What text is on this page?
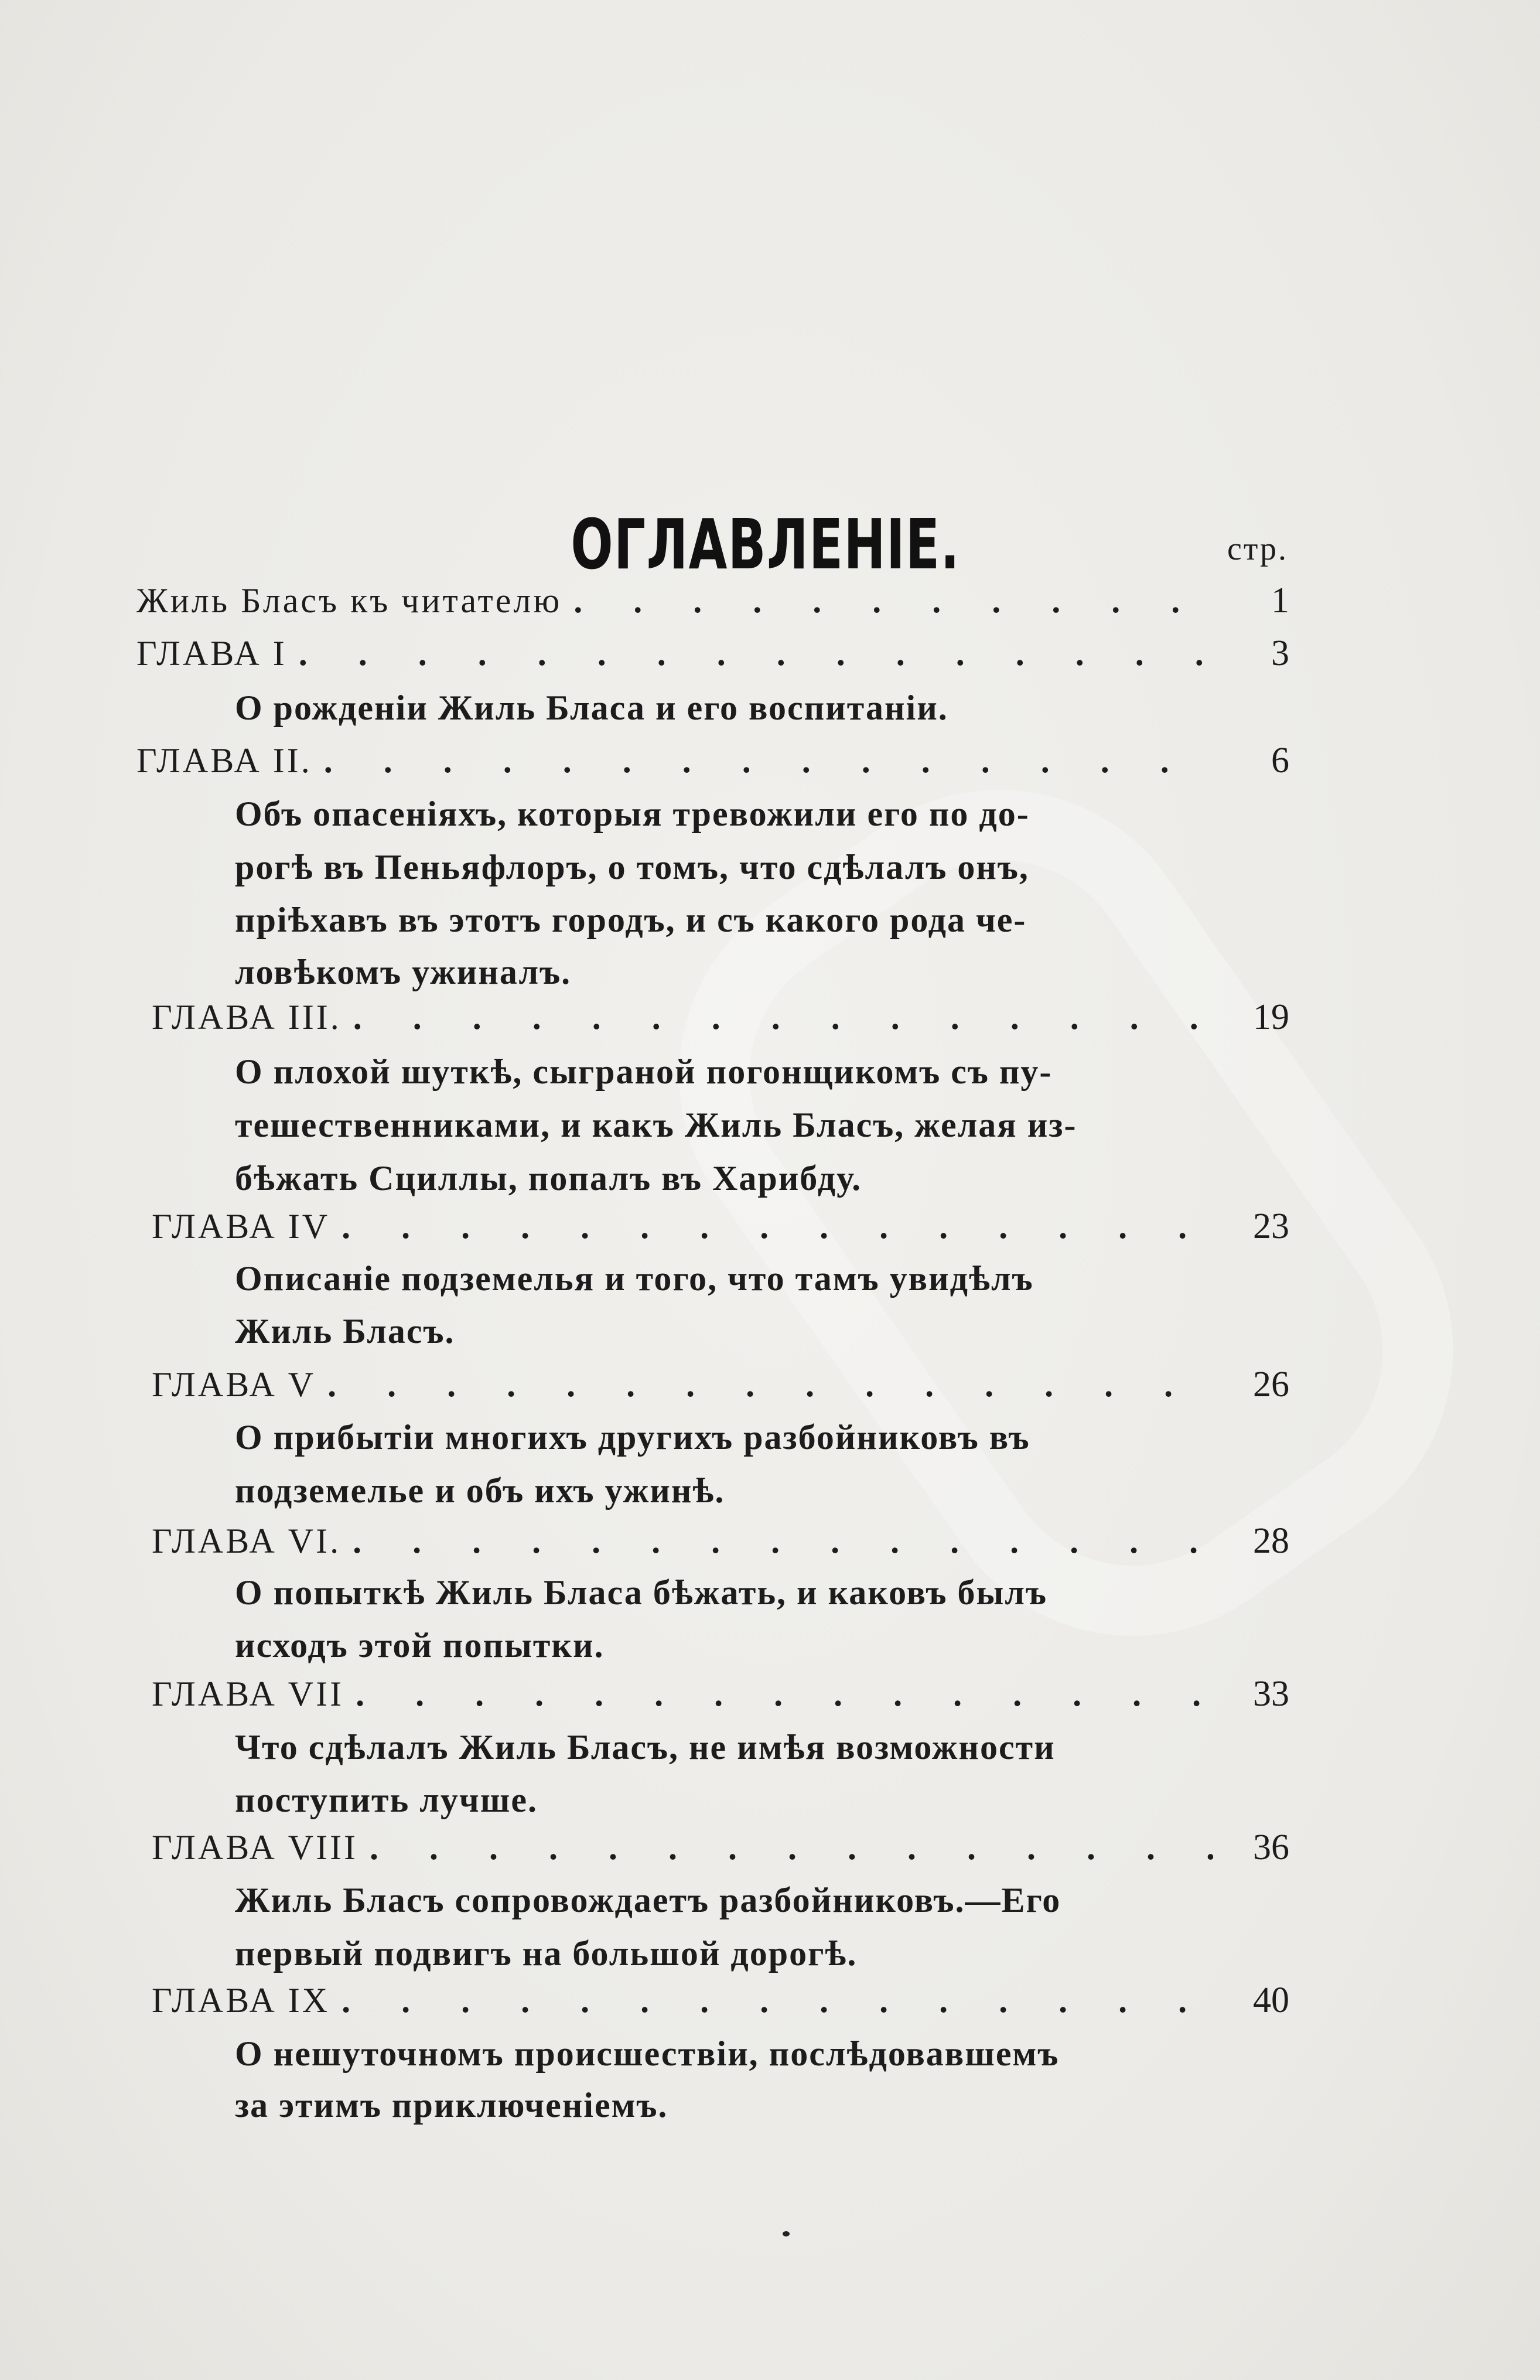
ОГЛАВЛЕНІЕ.	стр.
Жиль Бласъ къ читателю . . .	1
ГЛАВА I . . .	3
О рожденіи Жиль Бласа и его воспитаніи.
ГЛАВА II. . . .	6
Объ опасеніяхъ, которыя тревожили его по до-
рогѣ въ Пеньяфлоръ, о томъ, что сдѣлалъ онъ,
пріѣхавъ въ этотъ городъ, и съ какого рода че-
ловѣкомъ ужиналъ.
ГЛАВА III. . . .	19
О плохой шуткѣ, сыграной погонщикомъ съ пу-
тешественниками, и какъ Жиль Бласъ, желая из-
бѣжать Сциллы, попалъ въ Харибду.
ГЛАВА IV . . .	23
Описаніе подземелья и того, что тамъ увидѣлъ
Жиль Бласъ.
ГЛАВА V . . .	26
О прибытіи многихъ другихъ разбойниковъ въ
подземелье и объ ихъ ужинѣ.
ГЛАВА VI. . . .	28
О попыткѣ Жиль Бласа бѣжать, и каковъ былъ
исходъ этой попытки.
ГЛАВА VII . . .	33
Что сдѣлалъ Жиль Бласъ, не имѣя возможности
поступить лучше.
ГЛАВА VIII . . .	36
Жиль Бласъ сопровождаетъ разбойниковъ.—Его
первый подвигъ на большой дорогѣ.
ГЛАВА IX . . .	40
О нешуточномъ происшествіи, послѣдовавшемъ
за этимъ приключеніемъ.
